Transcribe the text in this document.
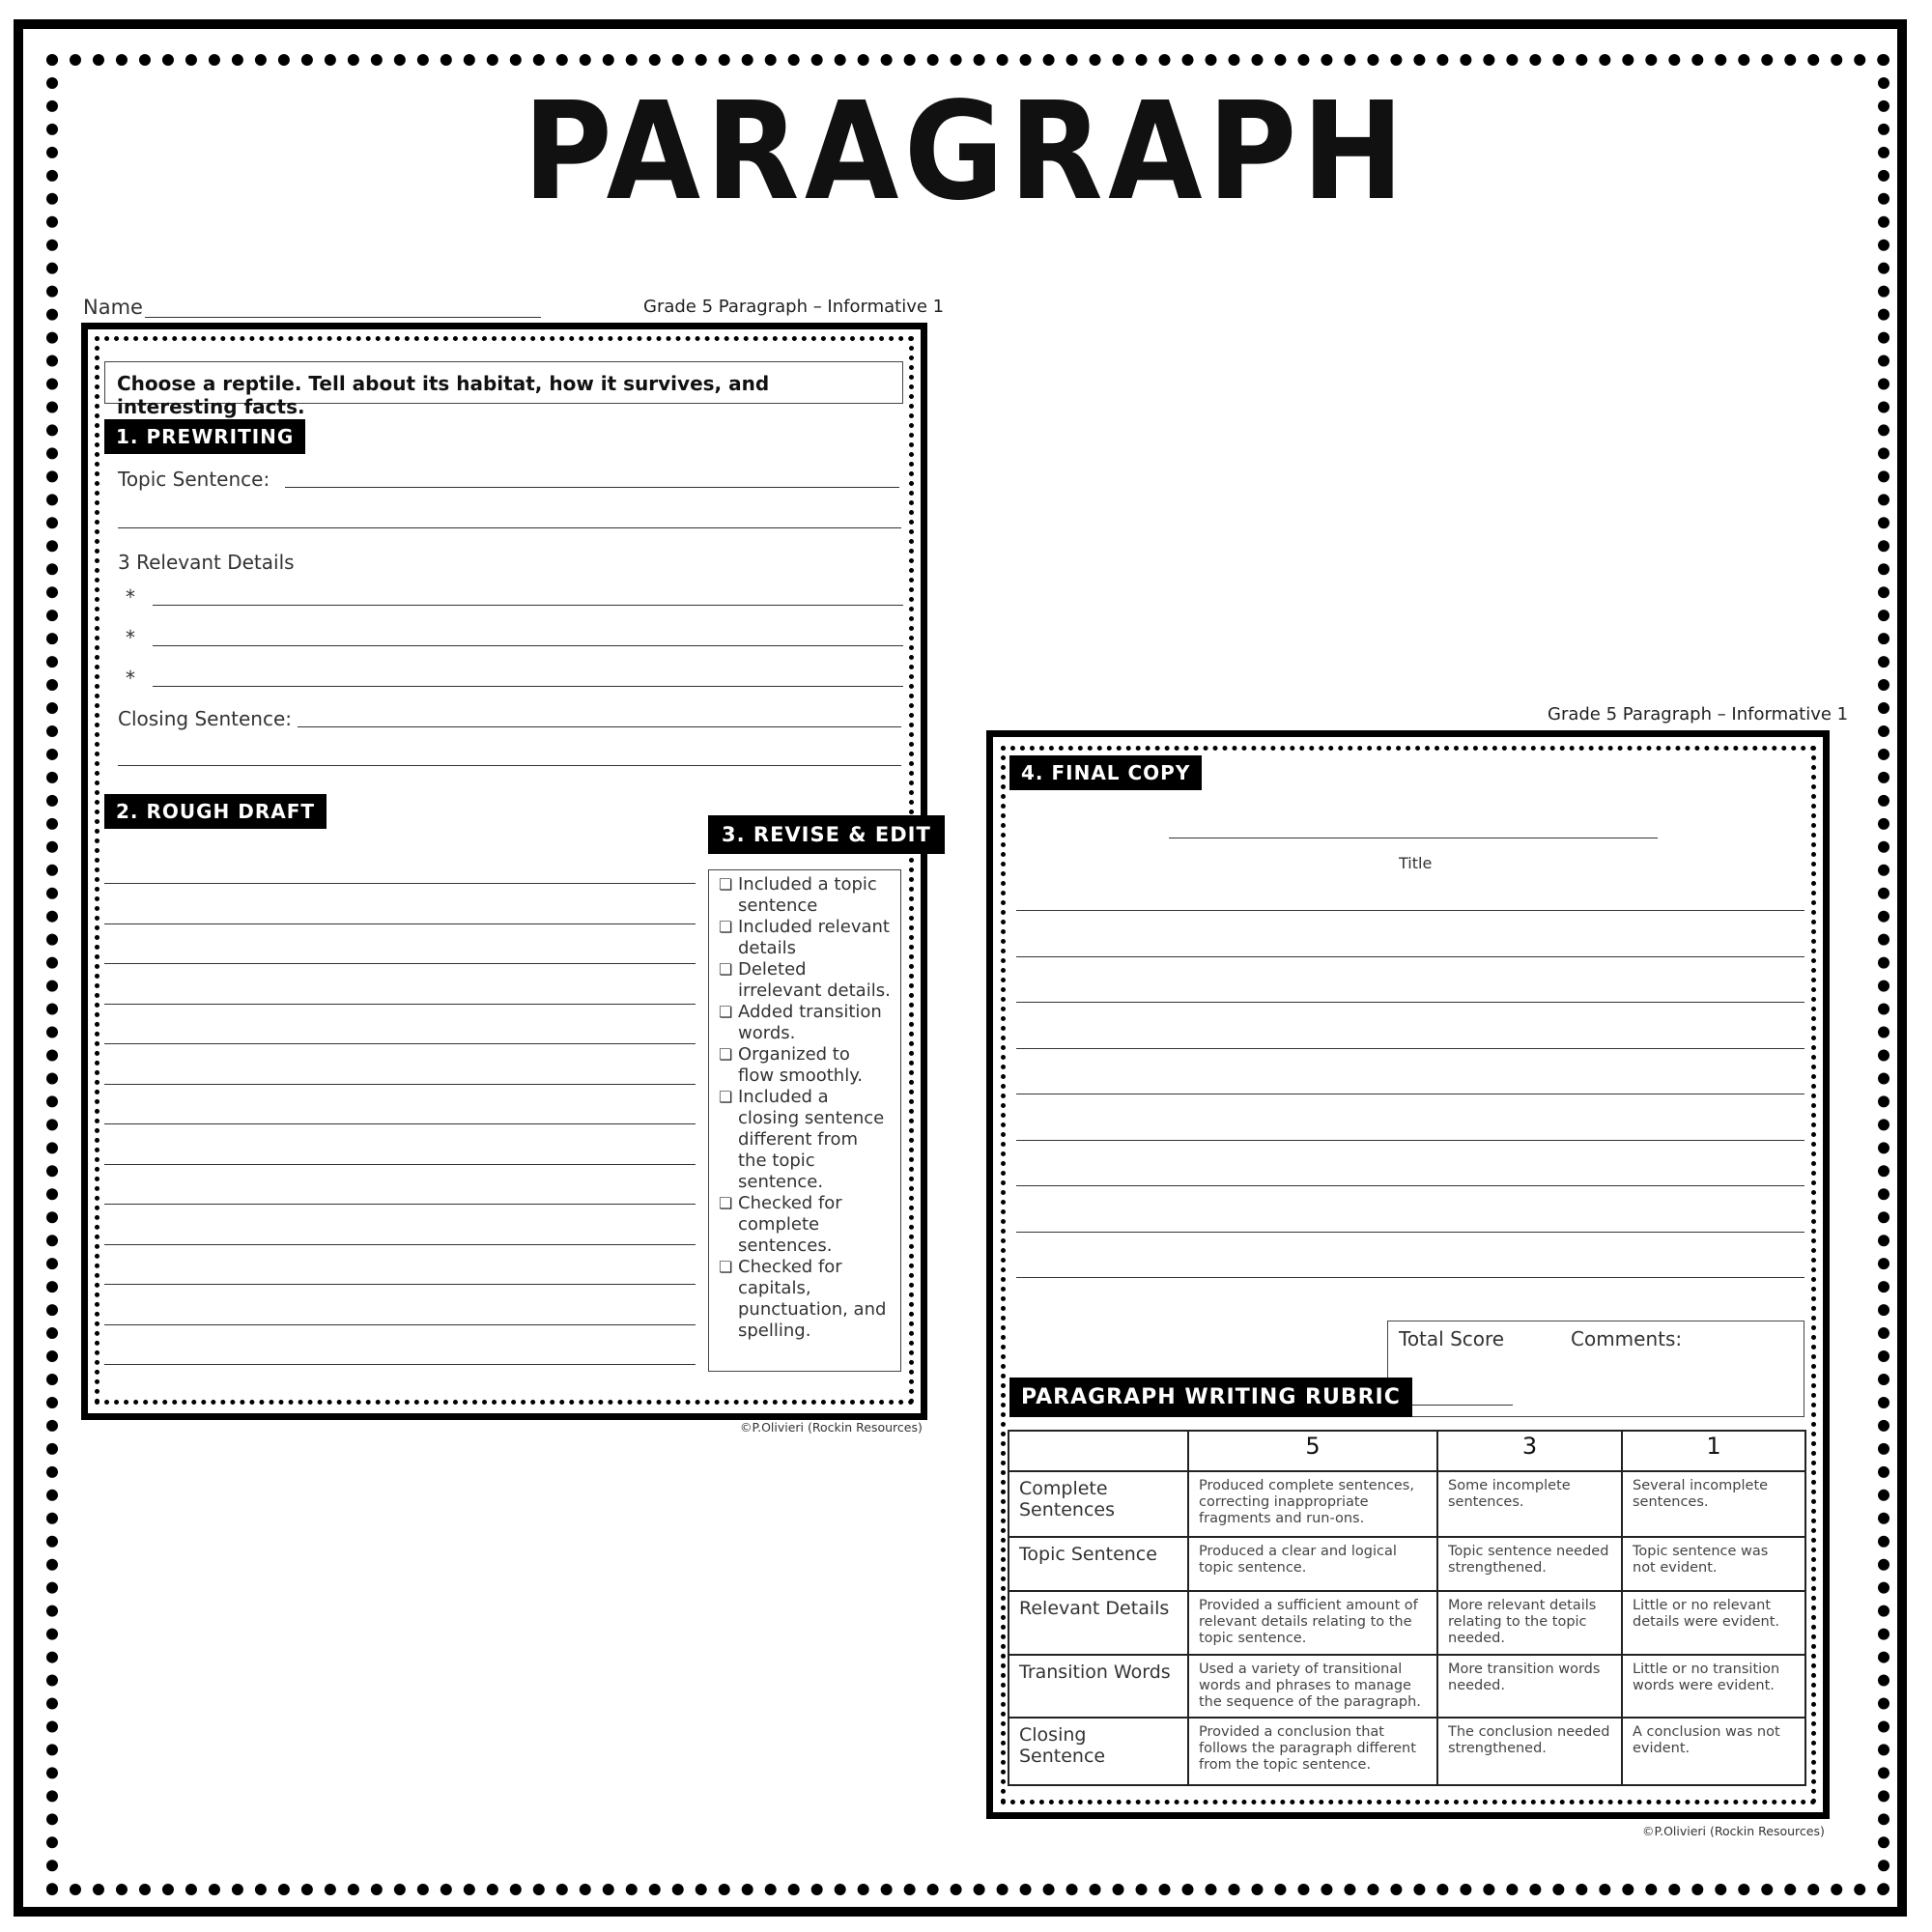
PARAGRAPH
Name	Grade 5 Paragraph – Informative 1
Choose a reptile. Tell about its habitat, how it survives, and interesting facts.
1. PREWRITING
Topic Sentence:
3 Relevant Details
*
*
*
Closing Sentence:
2. ROUGH DRAFT
3. REVISE & EDIT
❏ Included a topic sentence
❏ Included relevant details
❏ Deleted irrelevant details.
❏ Added transition words.
❏ Organized to flow smoothly.
❏ Included a closing sentence different from the topic sentence.
❏ Checked for complete sentences.
❏ Checked for capitals, punctuation, and spelling.
©P.Olivieri (Rockin Resources)
Grade 5 Paragraph – Informative 1
4. FINAL COPY
Title
Total Score	Comments:
PARAGRAPH WRITING RUBRIC
	5	3	1
Complete Sentences	Produced complete sentences, correcting inappropriate fragments and run-ons.	Some incomplete sentences.	Several incomplete sentences.
Topic Sentence	Produced a clear and logical topic sentence.	Topic sentence needed strengthened.	Topic sentence was not evident.
Relevant Details	Provided a sufficient amount of relevant details relating to the topic sentence.	More relevant details relating to the topic needed.	Little or no relevant details were evident.
Transition Words	Used a variety of transitional words and phrases to manage the sequence of the paragraph.	More transition words needed.	Little or no transition words were evident.
Closing Sentence	Provided a conclusion that follows the paragraph different from the topic sentence.	The conclusion needed strengthened.	A conclusion was not evident.
©P.Olivieri (Rockin Resources)
